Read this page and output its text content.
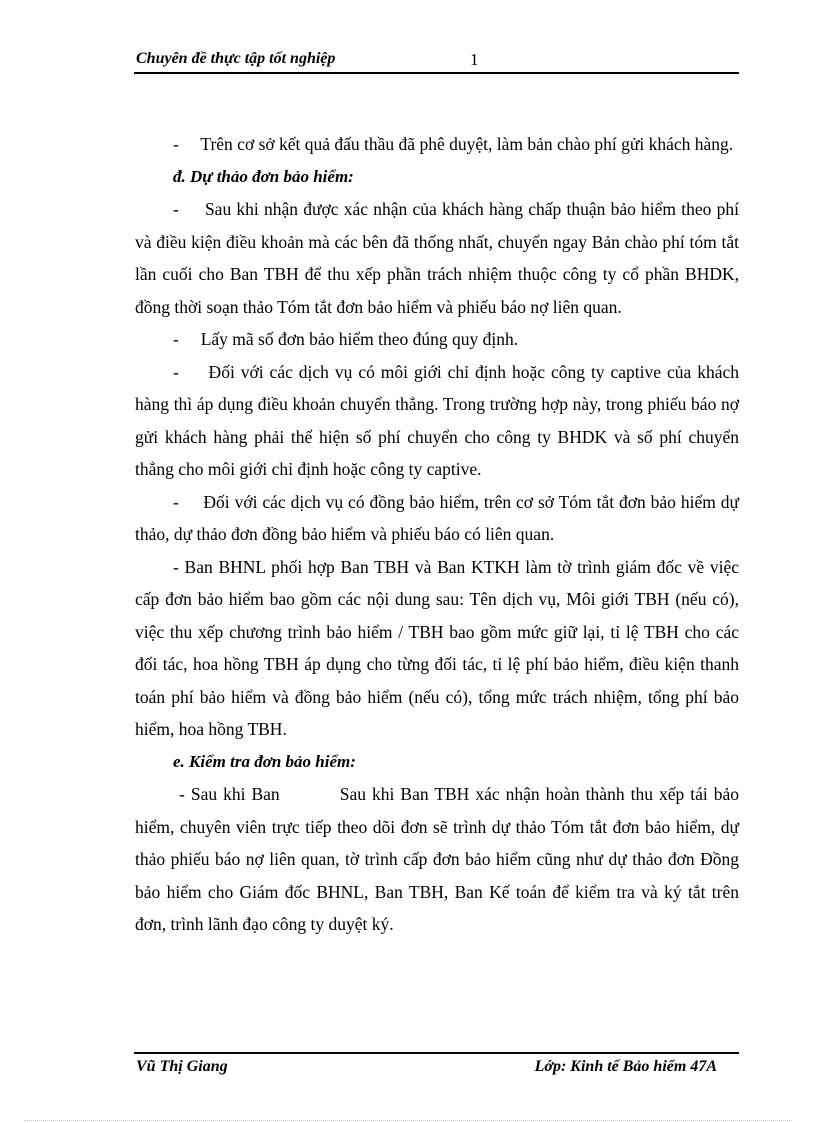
Chuyên đề thực tập tốt nghiệp	1

-     Trên cơ sở kết quả đấu thầu đã phê duyệt, làm bản chào phí gửi khách hàng.

đ. Dự thảo đơn bảo hiểm:

-     Sau khi nhận được xác nhận của khách hàng chấp thuận bảo hiểm theo phí và điều kiện điều khoản mà các bên đã thống nhất, chuyển ngay Bản chào phí tóm tắt lần cuối cho Ban TBH để thu xếp phần trách nhiệm thuộc công ty cổ phần BHDK, đồng thời soạn thảo Tóm tắt đơn bảo hiểm và phiếu báo nợ liên quan.

-     Lấy mã số đơn bảo hiểm theo đúng quy định.

-     Đối với các dịch vụ có môi giới chỉ định hoặc công ty captive của khách hàng thì áp dụng điều khoản chuyển thẳng. Trong trường hợp này, trong phiếu báo nợ gửi khách hàng phải thể hiện số phí chuyển cho công ty BHDK và số phí chuyển thẳng cho môi giới chỉ định hoặc công ty captive.

-     Đối với các dịch vụ có đồng bảo hiểm, trên cơ sở Tóm tắt đơn bảo hiểm dự thảo, dự thảo đơn đồng bảo hiểm và phiếu báo có liên quan.

- Ban BHNL phối hợp Ban TBH và Ban KTKH làm tờ trình giám đốc về việc cấp đơn bảo hiểm bao gồm các nội dung sau: Tên dịch vụ, Môi giới TBH (nếu có), việc thu xếp chương trình bảo hiểm / TBH bao gồm mức giữ lại, tỉ lệ TBH cho các đối tác, hoa hồng TBH áp dụng cho từng đối tác, tỉ lệ phí bảo hiểm, điều kiện thanh toán phí bảo hiểm và đồng bảo hiểm (nếu có), tổng mức trách nhiệm, tổng phí bảo hiểm, hoa hồng TBH.

e. Kiểm tra đơn bảo hiểm:

- Sau khi Ban          Sau khi Ban TBH xác nhận hoàn thành thu xếp tái bảo hiểm, chuyên viên trực tiếp theo dõi đơn sẽ trình dự thảo Tóm tắt đơn bảo hiểm, dự thảo phiếu báo nợ liên quan, tờ trình cấp đơn bảo hiểm cũng như dự thảo đơn Đồng bảo hiểm cho Giám đốc BHNL, Ban TBH, Ban Kế toán để kiểm tra và ký tắt trên đơn, trình lãnh đạo công ty duyệt ký.

Vũ Thị Giang	Lớp: Kinh tế Bảo hiểm 47A
